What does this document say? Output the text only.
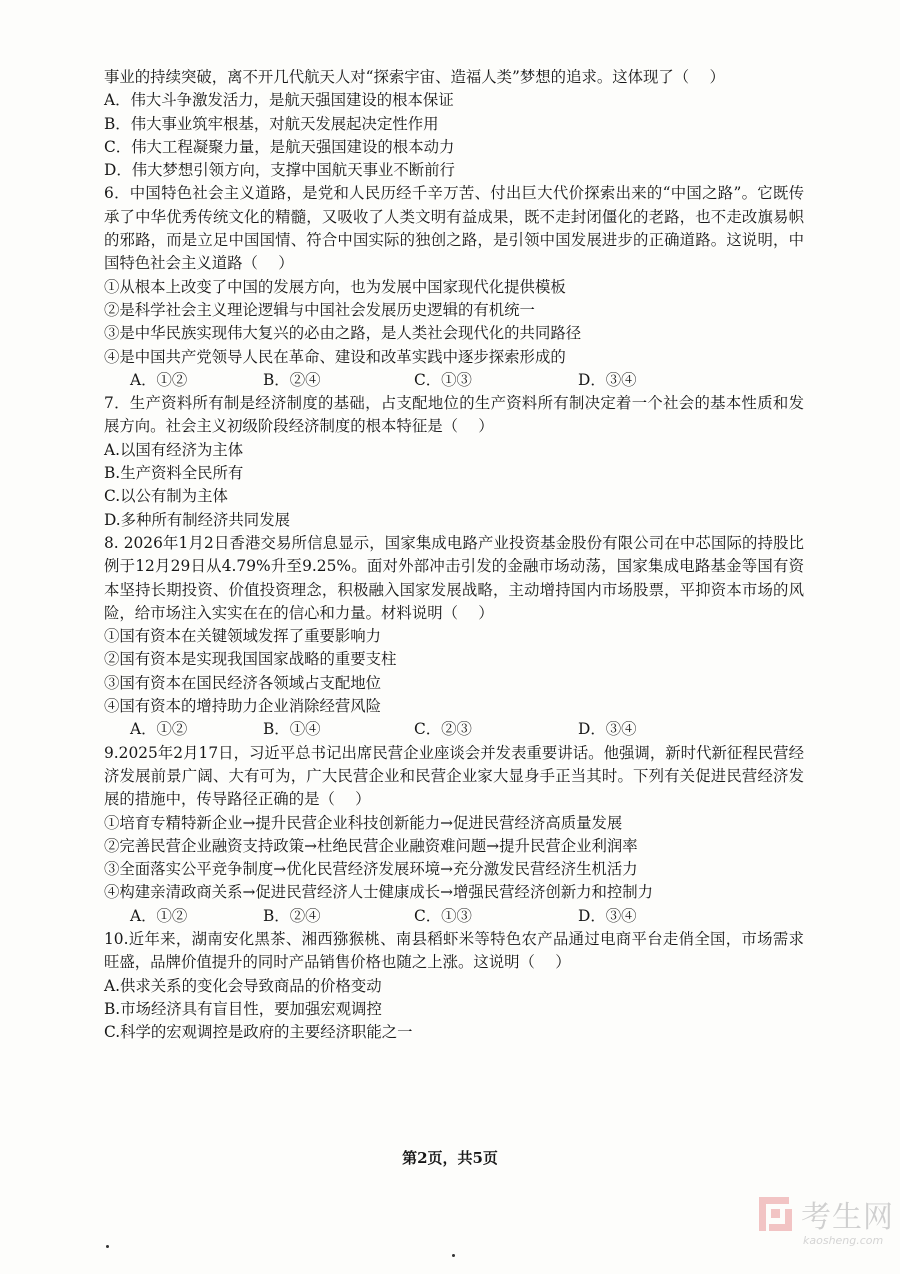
事业的持续突破，离不开几代航天人对“探索宇宙、造福人类”梦想的追求。这体现了（　 ）
A．伟大斗争激发活力，是航天强国建设的根本保证
B．伟大事业筑牢根基，对航天发展起决定性作用
C．伟大工程凝聚力量，是航天强国建设的根本动力
D．伟大梦想引领方向，支撑中国航天事业不断前行
6．中国特色社会主义道路，是党和人民历经千辛万苦、付出巨大代价探索出来的“中国之路”。它既传承了中华优秀传统文化的精髓，又吸收了人类文明有益成果，既不走封闭僵化的老路，也不走改旗易帜的邪路，而是立足中国国情、符合中国实际的独创之路，是引领中国发展进步的正确道路。这说明，中国特色社会主义道路（　 ）
①从根本上改变了中国的发展方向，也为发展中国家现代化提供模板
②是科学社会主义理论逻辑与中国社会发展历史逻辑的有机统一
③是中华民族实现伟大复兴的必由之路，是人类社会现代化的共同路径
④是中国共产党领导人民在革命、建设和改革实践中逐步探索形成的
A．①②	B．②④	C．①③	D．③④
7．生产资料所有制是经济制度的基础，占支配地位的生产资料所有制决定着一个社会的基本性质和发展方向。社会主义初级阶段经济制度的根本特征是（　 ）
A.以国有经济为主体
B.生产资料全民所有
C.以公有制为主体
D.多种所有制经济共同发展
8. 2026年1月2日香港交易所信息显示，国家集成电路产业投资基金股份有限公司在中芯国际的持股比例于12月29日从4.79%升至9.25%。面对外部冲击引发的金融市场动荡，国家集成电路基金等国有资本坚持长期投资、价值投资理念，积极融入国家发展战略，主动增持国内市场股票，平抑资本市场的风险，给市场注入实实在在的信心和力量。材料说明（　 ）
①国有资本在关键领域发挥了重要影响力
②国有资本是实现我国国家战略的重要支柱
③国有资本在国民经济各领域占支配地位
④国有资本的增持助力企业消除经营风险
A．①②	B．①④	C．②③	D．③④
9.2025年2月17日，习近平总书记出席民营企业座谈会并发表重要讲话。他强调，新时代新征程民营经济发展前景广阔、大有可为，广大民营企业和民营企业家大显身手正当其时。下列有关促进民营经济发展的措施中，传导路径正确的是（　 ）
①培育专精特新企业→提升民营企业科技创新能力→促进民营经济高质量发展
②完善民营企业融资支持政策→杜绝民营企业融资难问题→提升民营企业利润率
③全面落实公平竞争制度→优化民营经济发展环境→充分激发民营经济生机活力
④构建亲清政商关系→促进民营经济人士健康成长→增强民营经济创新力和控制力
A．①②	B．②④	C．①③	D．③④
10.近年来，湖南安化黑茶、湘西猕猴桃、南县稻虾米等特色农产品通过电商平台走俏全国，市场需求旺盛，品牌价值提升的同时产品销售价格也随之上涨。这说明（　 ）
A.供求关系的变化会导致商品的价格变动
B.市场经济具有盲目性，要加强宏观调控
C.科学的宏观调控是政府的主要经济职能之一
第2页，共5页
考生网
kaosheng.com
